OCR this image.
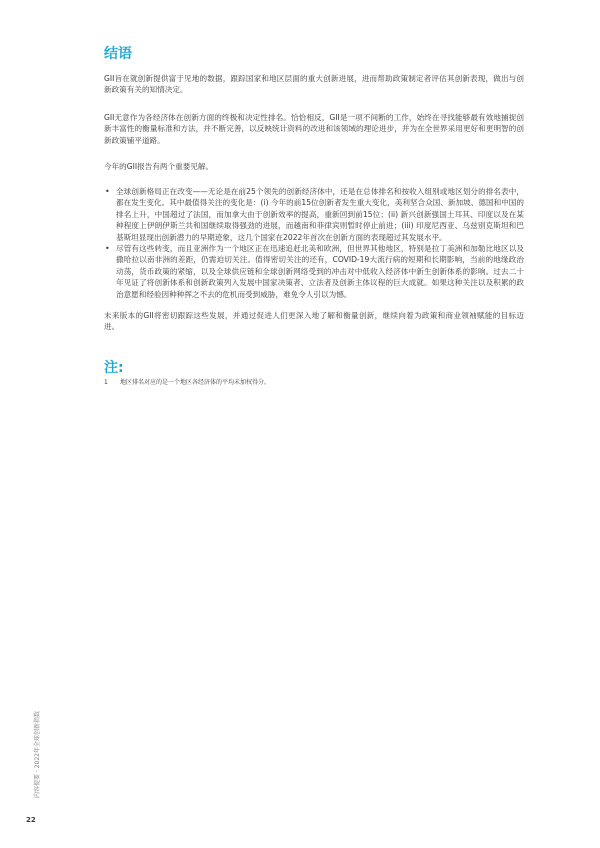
结语

GII旨在就创新提供富于见地的数据，跟踪国家和地区层面的重大创新进展，进而帮助政策制定者评估其创新表现，做出与创新政策有关的知情决定。

GII无意作为各经济体在创新方面的终极和决定性排名。恰恰相反，GII是一项不间断的工作，始终在寻找能够最有效地捕捉创新丰富性的衡量标准和方法，并不断完善，以反映统计资料的改进和该领域的理论进步，并为在全世界采用更好和更明智的创新政策铺平道路。

今年的GII报告有两个重要见解。

• 全球创新格局正在改变——无论是在前25个领先的创新经济体中，还是在总体排名和按收入组别或地区划分的排名表中，都在发生变化。其中最值得关注的变化是：(i) 今年的前15位创新者发生重大变化，美利坚合众国、新加坡、德国和中国的排名上升，中国超过了法国，而加拿大由于创新效率的提高，重新回到前15位；(ii) 新兴创新强国土耳其、印度以及在某种程度上伊朗伊斯兰共和国继续取得强劲的进展，而越南和菲律宾则暂时停止前进；(iii) 印度尼西亚、乌兹别克斯坦和巴基斯坦显现出创新潜力的早期迹象，这几个国家在2022年首次在创新方面的表现超过其发展水平。
• 尽管有这些转变，而且亚洲作为一个地区正在迅速追赶北美和欧洲，但世界其他地区，特别是拉丁美洲和加勒比地区以及撒哈拉以南非洲的差距，仍需迫切关注。值得密切关注的还有，COVID-19大流行病的短期和长期影响，当前的地缘政治动荡，货币政策的紧缩，以及全球供应链和全球创新网络受到的冲击对中低收入经济体中新生创新体系的影响。过去二十年见证了将创新体系和创新政策列入发展中国家决策者、立法者及创新主体议程的巨大成就。如果这种关注以及积累的政治意愿和经验因种种挥之不去的危机而受到威胁，难免令人引以为憾。

未来版本的GII将密切跟踪这些发展，并通过促进人们更深入地了解和衡量创新，继续向着为政策和商业领袖赋能的目标迈进。

注:
1 地区排名对应的是一个地区各经济体的平均未加权得分。
内容提要 · 2022年全球创新指数
22
